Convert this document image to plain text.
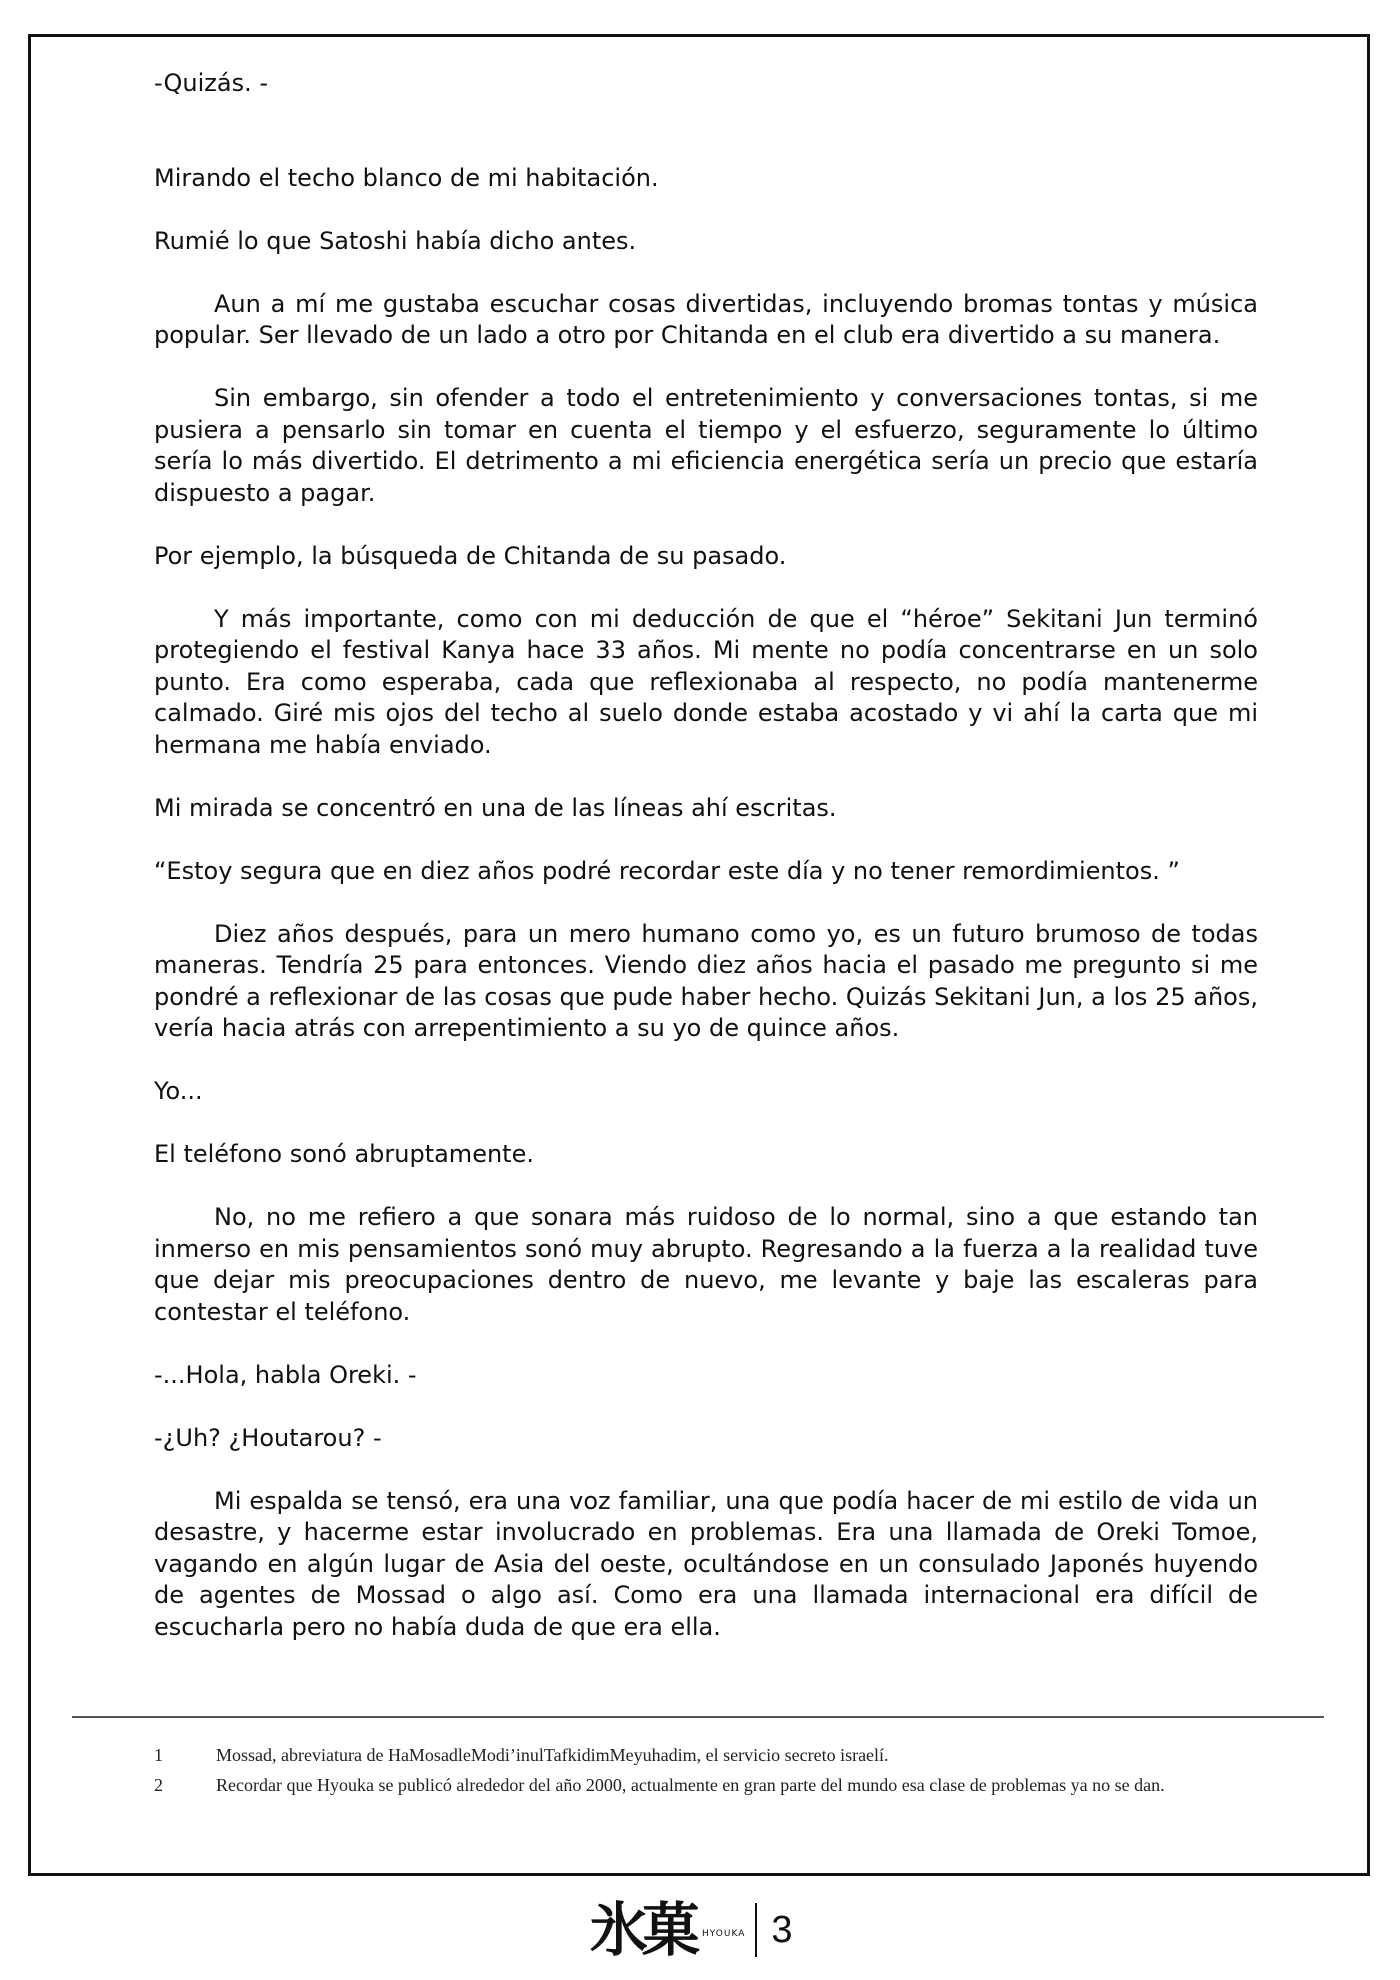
-Quizás. -

Mirando el techo blanco de mi habitación.

Rumié lo que Satoshi había dicho antes.

Aun a mí me gustaba escuchar cosas divertidas, incluyendo bromas tontas y música popular. Ser llevado de un lado a otro por Chitanda en el club era divertido a su manera.

Sin embargo, sin ofender a todo el entretenimiento y conversaciones tontas, si me pusiera a pensarlo sin tomar en cuenta el tiempo y el esfuerzo, seguramente lo último sería lo más divertido. El detrimento a mi eficiencia energética sería un precio que estaría dispuesto a pagar.

Por ejemplo, la búsqueda de Chitanda de su pasado.

Y más importante, como con mi deducción de que el “héroe” Sekitani Jun terminó protegiendo el festival Kanya hace 33 años. Mi mente no podía concentrarse en un solo punto. Era como esperaba, cada que reflexionaba al respecto, no podía mantenerme calmado. Giré mis ojos del techo al suelo donde estaba acostado y vi ahí la carta que mi hermana me había enviado.

Mi mirada se concentró en una de las líneas ahí escritas.

“Estoy segura que en diez años podré recordar este día y no tener remordimientos. ”

Diez años después, para un mero humano como yo, es un futuro brumoso de todas maneras. Tendría 25 para entonces. Viendo diez años hacia el pasado me pregunto si me pondré a reflexionar de las cosas que pude haber hecho. Quizás Sekitani Jun, a los 25 años, vería hacia atrás con arrepentimiento a su yo de quince años.

Yo...

El teléfono sonó abruptamente.

No, no me refiero a que sonara más ruidoso de lo normal, sino a que estando tan inmerso en mis pensamientos sonó muy abrupto. Regresando a la fuerza a la realidad tuve que dejar mis preocupaciones dentro de nuevo, me levante y baje las escaleras para contestar el teléfono.

-...Hola, habla Oreki. -

-¿Uh? ¿Houtarou? -

Mi espalda se tensó, era una voz familiar, una que podía hacer de mi estilo de vida un desastre, y hacerme estar involucrado en problemas. Era una llamada de Oreki Tomoe, vagando en algún lugar de Asia del oeste, ocultándose en un consulado Japonés huyendo de agentes de Mossad o algo así. Como era una llamada internacional era difícil de escucharla pero no había duda de que era ella.

1	Mossad, abreviatura de HaMosadleModi’inulTafkidimMeyuhadim, el servicio secreto israelí.
2	Recordar que Hyouka se publicó alrededor del año 2000, actualmente en gran parte del mundo esa clase de problemas ya no se dan.
氷菓 HYOUKA 3
